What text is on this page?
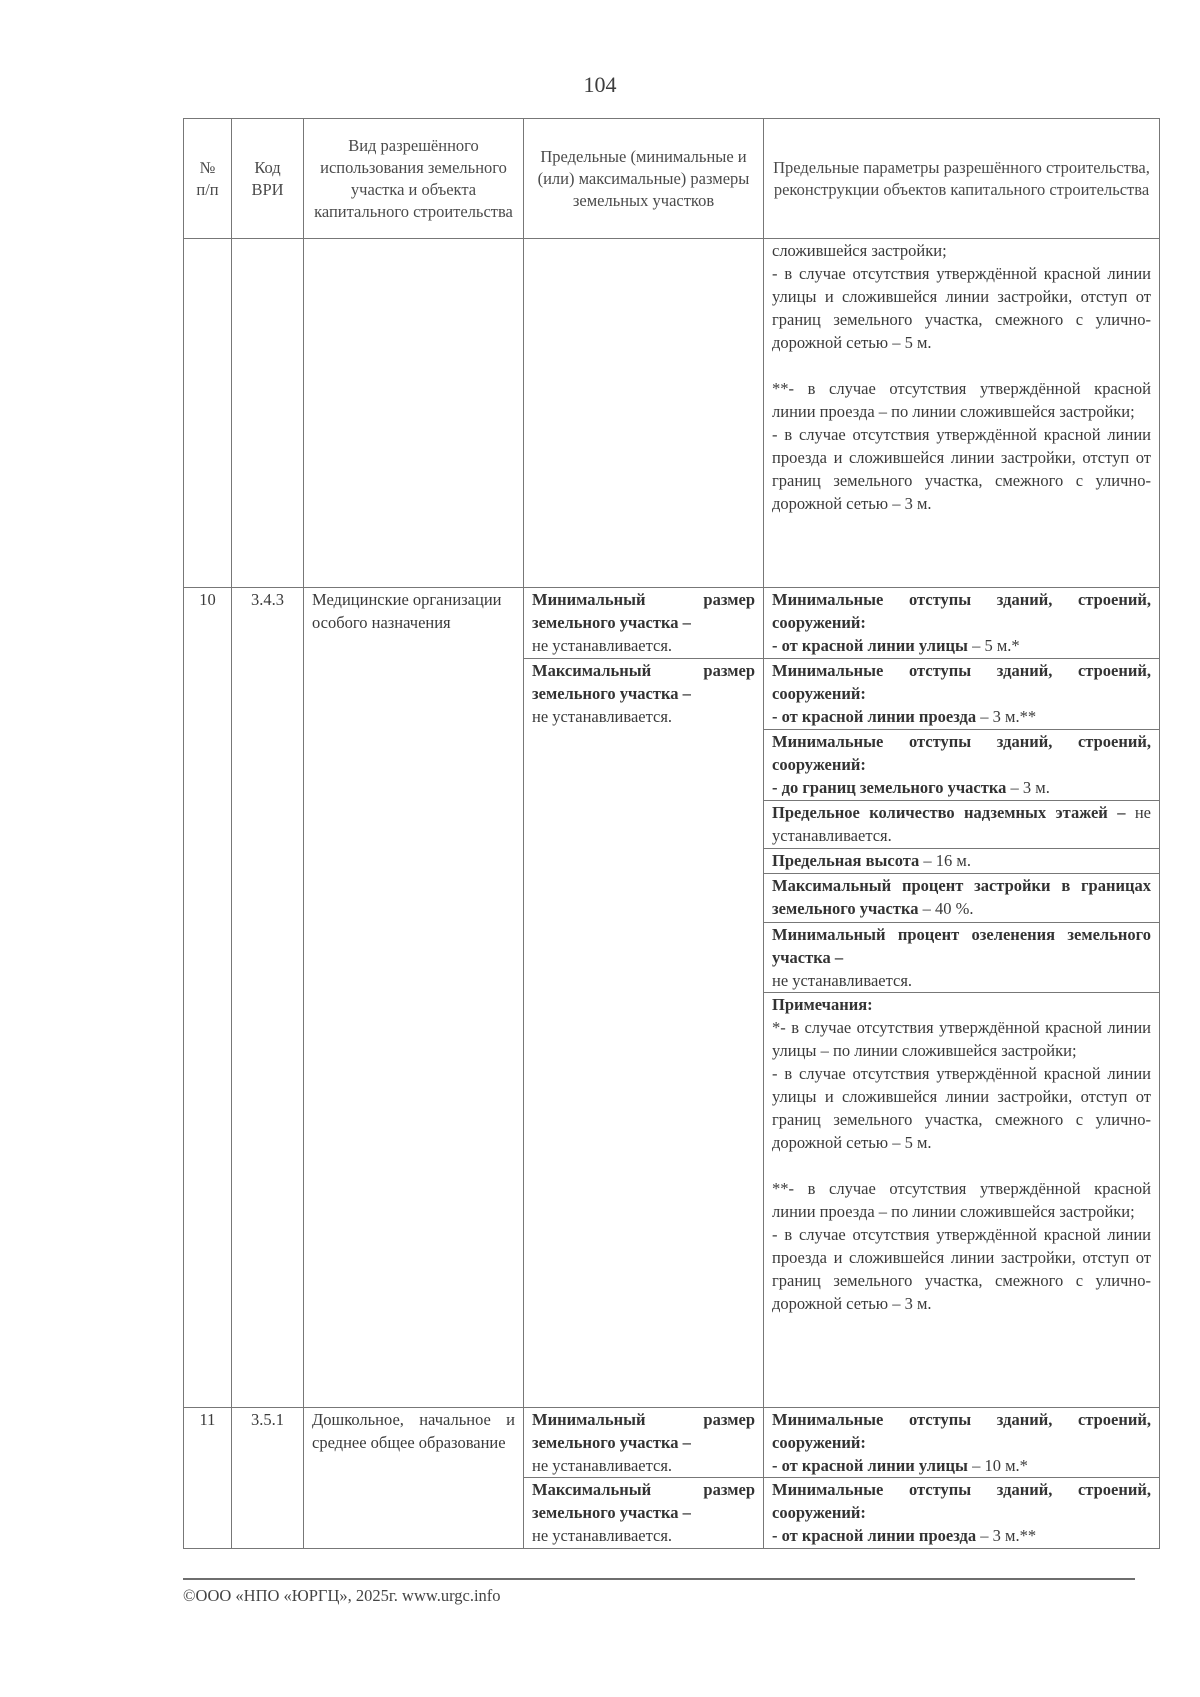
104
№
п/п	Код
ВРИ	Вид разрешённого использования земельного участка и объекта капитального строительства	Предельные (минимальные и (или) максимальные) размеры земельных участков	Предельные параметры разрешённого строительства, реконструкции объектов капитального строительства

				сложившейся застройки;

- в случае отсутствия утверждённой красной линии улицы и сложившейся линии застройки, отступ от границ земельного участка, смежного с улично-дорожной сетью – 5 м.

**- в случае отсутствия утверждённой красной линии проезда – по линии сложившейся застройки;

- в случае отсутствия утверждённой красной линии проезда и сложившейся линии застройки, отступ от границ земельного участка, смежного с улично-дорожной сетью – 3 м.

10	3.4.3	Медицинские организации особого назначения	Минимальный размер земельного участка –
не устанавливается.	Минимальные отступы зданий, строений, сооружений:
- от красной линии улицы – 5 м.*
			Максимальный размер земельного участка –
не устанавливается.	Минимальные отступы зданий, строений, сооружений:
- от красной линии проезда – 3 м.**
				Минимальные отступы зданий, строений, сооружений:
- до границ земельного участка – 3 м.
				Предельное количество надземных этажей – не устанавливается.
				Предельная высота – 16 м.
				Максимальный процент застройки в границах земельного участка – 40 %.
				Минимальный процент озеленения земельного участка –
не устанавливается.

				Примечания:

*- в случае отсутствия утверждённой красной линии улицы – по линии сложившейся застройки;

- в случае отсутствия утверждённой красной линии улицы и сложившейся линии застройки, отступ от границ земельного участка, смежного с улично-дорожной сетью – 5 м.

**- в случае отсутствия утверждённой красной линии проезда – по линии сложившейся застройки;

- в случае отсутствия утверждённой красной линии проезда и сложившейся линии застройки, отступ от границ земельного участка, смежного с улично-дорожной сетью – 3 м.

11	3.5.1	Дошкольное, начальное и среднее общее образование	Минимальный размер земельного участка –
не устанавливается.	Минимальные отступы зданий, строений, сооружений:
- от красной линии улицы – 10 м.*
			Максимальный размер земельного участка –
не устанавливается.	Минимальные отступы зданий, строений, сооружений:
- от красной линии проезда – 3 м.**
©ООО «НПО «ЮРГЦ», 2025г. www.urgc.info
